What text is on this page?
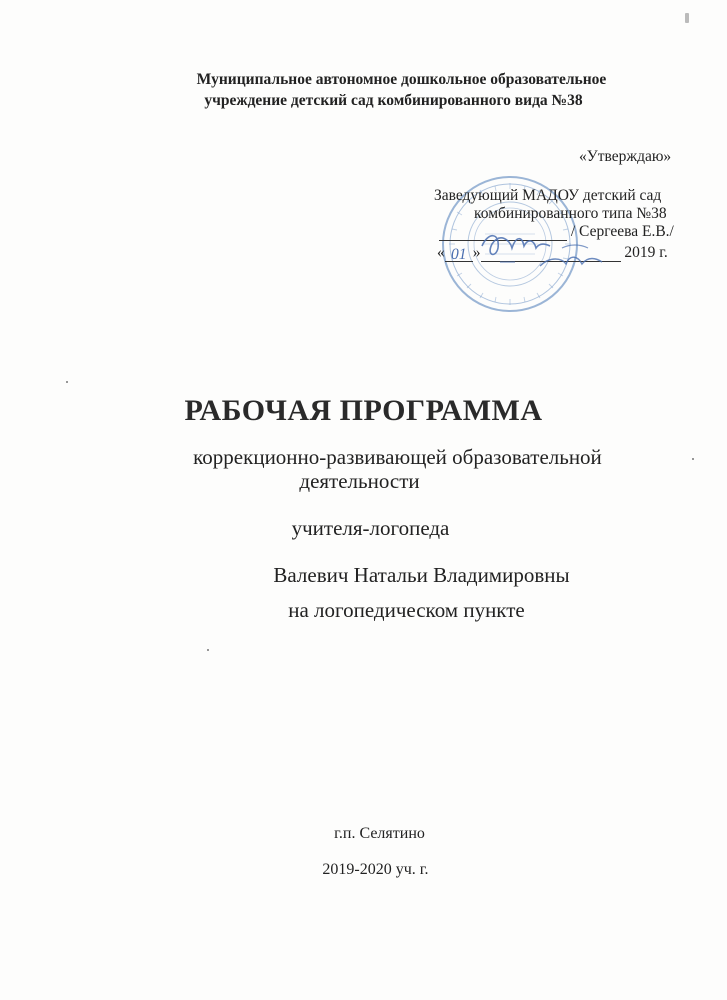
Муниципальное автономное дошкольное образовательное
учреждение детский сад комбинированного вида №38
«Утверждаю»
Заведующий МАДОУ детский сад
комбинированного типа №38
/ Сергеева Е.В./
« 01 »	2019 г.
РАБОЧАЯ ПРОГРАММА
коррекционно-развивающей образовательной
деятельности
учителя-логопеда
Валевич Натальи Владимировны
на логопедическом пункте
г.п. Селятино
2019-2020 уч. г.
